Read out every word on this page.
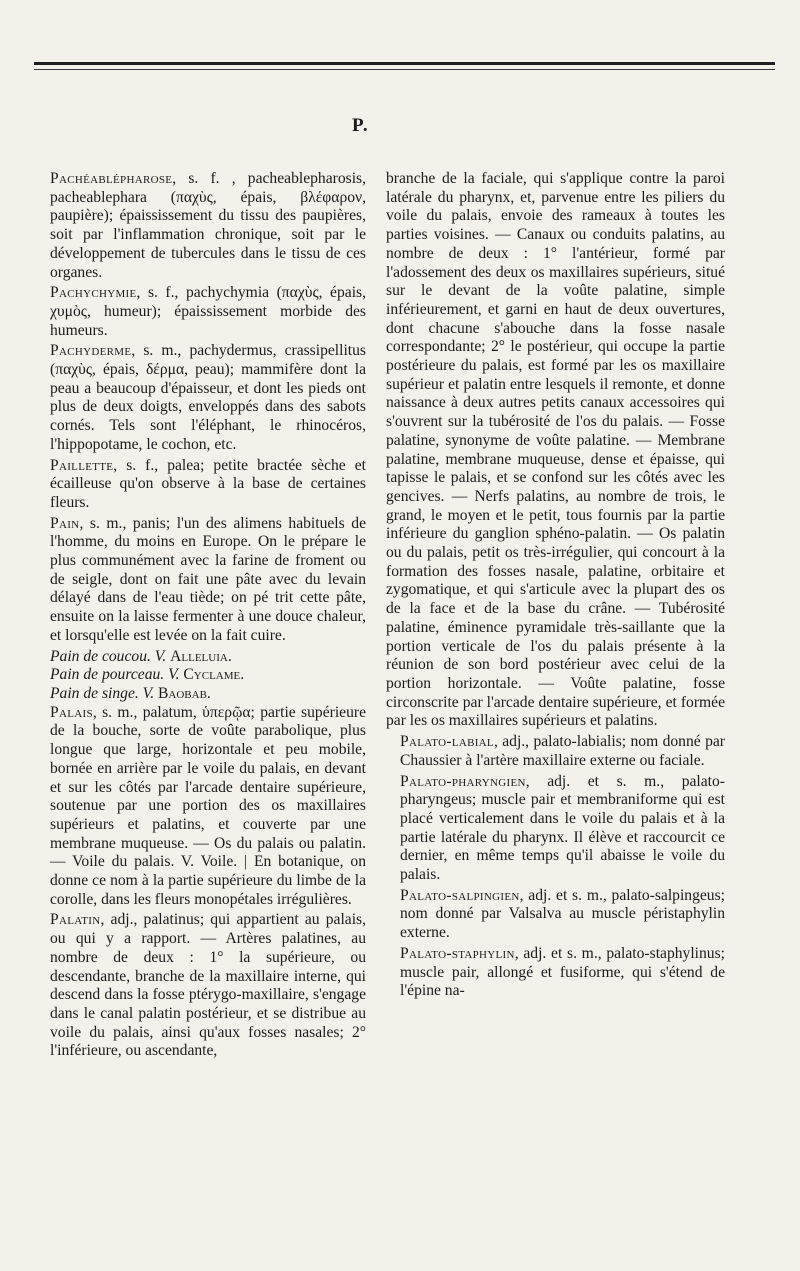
P.

Pachéablépharose, s. f. , pacheablepharosis, pacheablephara (παχὺς, épais, βλέφαρον, paupière); épaississement du tissu des paupières, soit par l'inflammation chronique, soit par le développement de tubercules dans le tissu de ces organes.

Pachychymie, s. f., pachychymia (παχὺς, épais, χυμὸς, humeur); épaississement morbide des humeurs.

Pachyderme, s. m., pachydermus, crassipellitus (παχὺς, épais, δέρμα, peau); mammifère dont la peau a beaucoup d'épaisseur, et dont les pieds ont plus de deux doigts, enveloppés dans des sabots cornés. Tels sont l'éléphant, le rhinocéros, l'hippopotame, le cochon, etc.

Paillette, s. f., palea; petite bractée sèche et écailleuse qu'on observe à la base de certaines fleurs.

Pain, s. m., panis; l'un des alimens habituels de l'homme, du moins en Europe. On le prépare le plus communément avec la farine de froment ou de seigle, dont on fait une pâte avec du levain délayé dans de l'eau tiède; on pé trit cette pâte, ensuite on la laisse fermenter à une douce chaleur, et lorsqu'elle est levée on la fait cuire.

Pain de coucou. V. Alleluia.

Pain de pourceau. V. Cyclame.

Pain de singe. V. Baobab.

Palais, s. m., palatum, ὑπερῷα; partie supérieure de la bouche, sorte de voûte parabolique, plus longue que large, horizontale et peu mobile, bornée en arrière par le voile du palais, en devant et sur les côtés par l'arcade dentaire supérieure, soutenue par une portion des os maxillaires supérieurs et palatins, et couverte par une membrane muqueuse. — Os du palais ou palatin. — Voile du palais. V. Voile. | En botanique, on donne ce nom à la partie supérieure du limbe de la corolle, dans les fleurs monopétales irrégulières.

Palatin, adj., palatinus; qui appartient au palais, ou qui y a rapport. — Artères palatines, au nombre de deux : 1° la supérieure, ou descendante, branche de la maxillaire interne, qui descend dans la fosse ptérygo-maxillaire, s'engage dans le canal palatin postérieur, et se distribue au voile du palais, ainsi qu'aux fosses nasales; 2° l'inférieure, ou ascendante,

branche de la faciale, qui s'applique contre la paroi latérale du pharynx, et, parvenue entre les piliers du voile du palais, envoie des rameaux à toutes les parties voisines. — Canaux ou conduits palatins, au nombre de deux : 1° l'antérieur, formé par l'adossement des deux os maxillaires supérieurs, situé sur le devant de la voûte palatine, simple inférieurement, et garni en haut de deux ouvertures, dont chacune s'abouche dans la fosse nasale correspondante; 2° le postérieur, qui occupe la partie postérieure du palais, est formé par les os maxillaire supérieur et palatin entre lesquels il remonte, et donne naissance à deux autres petits canaux accessoires qui s'ouvrent sur la tubérosité de l'os du palais. — Fosse palatine, synonyme de voûte palatine. — Membrane palatine, membrane muqueuse, dense et épaisse, qui tapisse le palais, et se confond sur les côtés avec les gencives. — Nerfs palatins, au nombre de trois, le grand, le moyen et le petit, tous fournis par la partie inférieure du ganglion sphéno-palatin. — Os palatin ou du palais, petit os très-irrégulier, qui concourt à la formation des fosses nasale, palatine, orbitaire et zygomatique, et qui s'articule avec la plupart des os de la face et de la base du crâne. — Tubérosité palatine, éminence pyramidale très-saillante que la portion verticale de l'os du palais présente à la réunion de son bord postérieur avec celui de la portion horizontale. — Voûte palatine, fosse circonscrite par l'arcade dentaire supérieure, et formée par les os maxillaires supérieurs et palatins.

Palato-labial, adj., palato-labialis; nom donné par Chaussier à l'artère maxillaire externe ou faciale.

Palato-pharyngien, adj. et s. m., palato-pharyngeus; muscle pair et membraniforme qui est placé verticalement dans le voile du palais et à la partie latérale du pharynx. Il élève et raccourcit ce dernier, en même temps qu'il abaisse le voile du palais.

Palato-salpingien, adj. et s. m., palato-salpingeus; nom donné par Valsalva au muscle péristaphylin externe.

Palato-staphylin, adj. et s. m., palato-staphylinus; muscle pair, allongé et fusiforme, qui s'étend de l'épine na-
